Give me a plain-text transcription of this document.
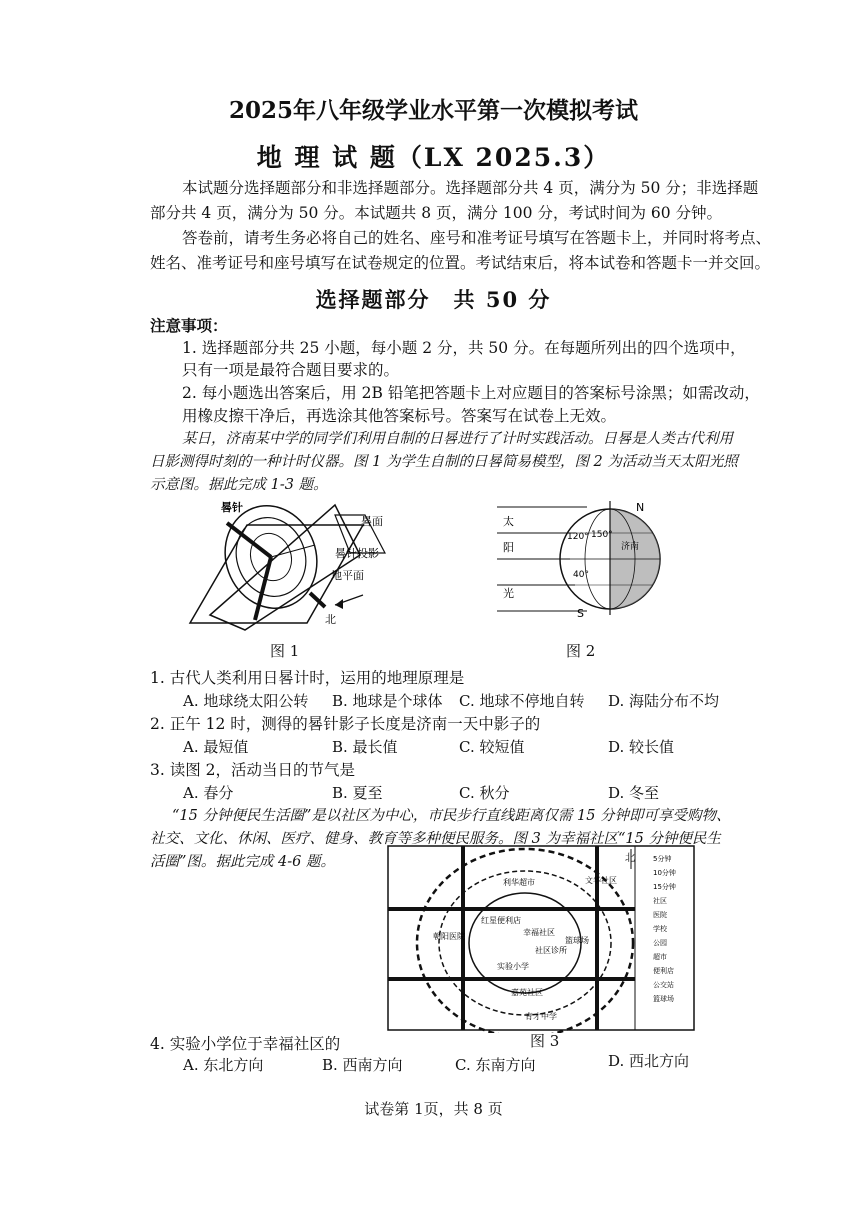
2025年八年级学业水平第一次模拟考试
地 理 试 题（LX 2025.3）
本试题分选择题部分和非选择题部分。选择题部分共 4 页，满分为 50 分；非选择题
部分共 4 页，满分为 50 分。本试题共 8 页，满分 100 分，考试时间为 60 分钟。
答卷前，请考生务必将自己的姓名、座号和准考证号填写在答题卡上，并同时将考点、
姓名、准考证号和座号填写在试卷规定的位置。考试结束后，将本试卷和答题卡一并交回。
选择题部分　共 50 分
注意事项：
1. 选择题部分共 25 小题，每小题 2 分，共 50 分。在每题所列出的四个选项中，
只有一项是最符合题目要求的。
2. 每小题选出答案后，用 2B 铅笔把答题卡上对应题目的答案标号涂黑；如需改动，
用橡皮擦干净后，再选涂其他答案标号。答案写在试卷上无效。
某日，济南某中学的同学们利用自制的日晷进行了计时实践活动。日晷是人类古代利用
日影测得时刻的一种计时仪器。图 1 为学生自制的日晷简易模型，图 2 为活动当天太阳光照
示意图。据此完成 1-3 题。
晷针
晷面
晷针投影
地平面
北
图 1
太
阳
光
N
S
120° 150°
40°
济南
图 2
1. 古代人类利用日晷计时，运用的地理原理是
A. 地球绕太阳公转 B. 地球是个球体 C. 地球不停地自转 D. 海陆分布不均
2. 正午 12 时，测得的晷针影子长度是济南一天中影子的
A. 最短值	B. 最长值	C. 较短值	D. 较长值
3. 读图 2，活动当日的节气是
A. 春分	B. 夏至	C. 秋分	D. 冬至
“15 分钟便民生活圈”是以社区为中心，市民步行直线距离仅需 15 分钟即可享受购物、
社交、文化、休闲、医疗、健身、教育等多种便民服务。图 3 为幸福社区“15 分钟便民生
活圈”图。据此完成 4-6 题。
利华超市	文华社区
红星便利店
幸福社区
朝阳医院
社区诊所
篮球场
实验小学
嘉苑社区
育才中学
北	5分钟
10分钟
15分钟
社区
医院
学校
公园
超市
便利店
公交站
篮球场
图 3
4. 实验小学位于幸福社区的
A. 东北方向	B. 西南方向	C. 东南方向	D. 西北方向
试卷第 1页，共 8 页
